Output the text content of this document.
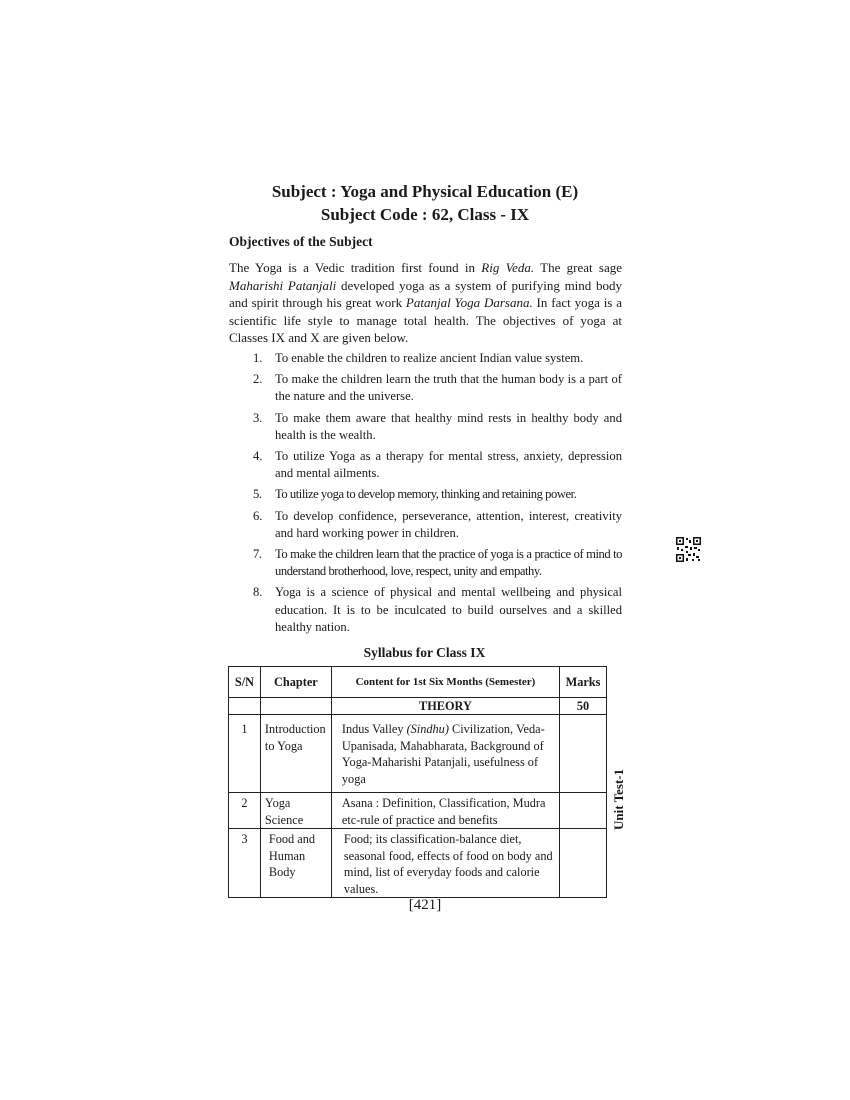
Subject : Yoga and Physical Education (E)
Subject Code : 62, Class - IX
Objectives of the Subject
The Yoga is a Vedic tradition first found in Rig Veda. The great sage Maharishi Patanjali developed yoga as a system of purifying mind body and spirit through his great work Patanjal Yoga Darsana. In fact yoga is a scientific life style to manage total health. The objectives of yoga at Classes IX and X are given below.
1. To enable the children to realize ancient Indian value system.
2. To make the children learn the truth that the human body is a part of the nature and the universe.
3. To make them aware that healthy mind rests in healthy body and health is the wealth.
4. To utilize Yoga as a therapy for mental stress, anxiety, depression and mental ailments.
5. To utilize yoga to develop memory, thinking and retaining power.
6. To develop confidence, perseverance, attention, interest, creativity and hard working power in children.
7. To make the children learn that the practice of yoga is a practice of mind to understand brotherhood, love, respect, unity and empathy.
8. Yoga is a science of physical and mental wellbeing and physical education. It is to be inculcated to build ourselves and a skilled healthy nation.
Syllabus for Class IX
S/N	Chapter	Content for 1st Six Months (Semester)	Marks
		THEORY	50
1	Introduction to Yoga	Indus Valley (Sindhu) Civilization, Veda-Upanisada, Mahabharata, Background of Yoga-Maharishi Patanjali, usefulness of yoga	
2	Yoga Science	Asana : Definition, Classification, Mudra etc-rule of practice and benefits	
3	Food and Human Body	Food; its classification-balance diet, seasonal food, effects of food on body and mind, list of everyday foods and calorie values.	
Unit Test-1
[421]
